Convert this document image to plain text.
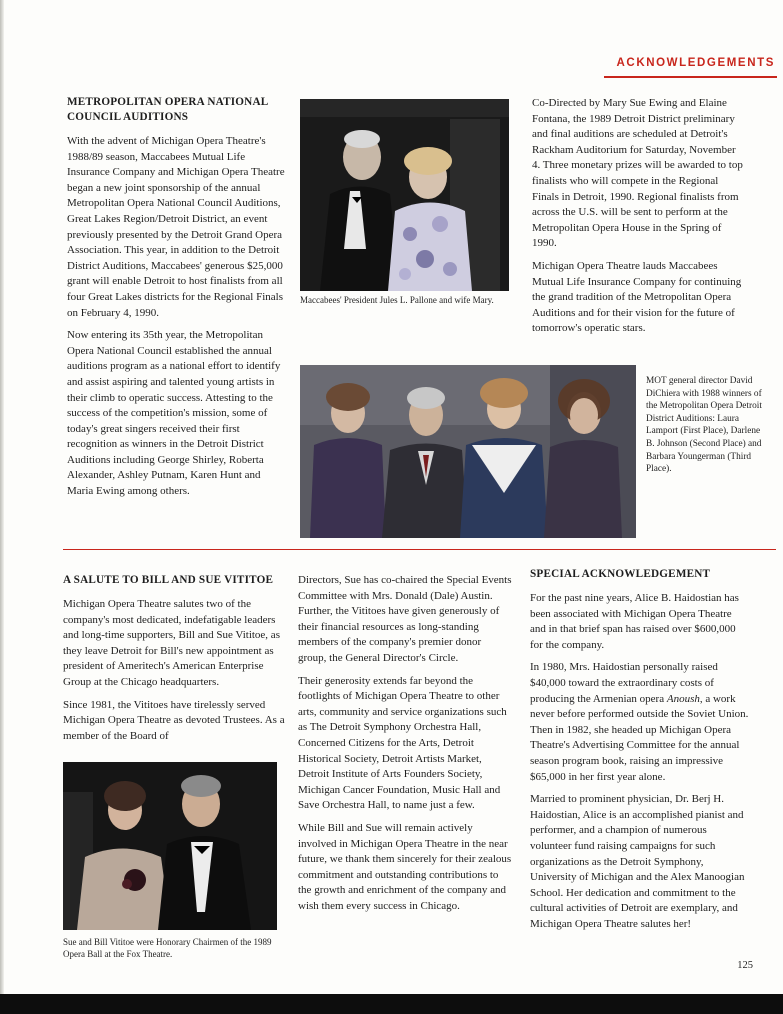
ACKNOWLEDGEMENTS
METROPOLITAN OPERA NATIONAL COUNCIL AUDITIONS

With the advent of Michigan Opera Theatre's 1988/89 season, Maccabees Mutual Life Insurance Company and Michigan Opera Theatre began a new joint sponsorship of the annual Metropolitan Opera National Council Auditions, Great Lakes Region/Detroit District, an event previously presented by the Detroit Grand Opera Association. This year, in addition to the Detroit District Auditions, Maccabees' generous $25,000 grant will enable Detroit to host finalists from all four Great Lakes districts for the Regional Finals on February 4, 1990.

Now entering its 35th year, the Metropolitan Opera National Council established the annual auditions program as a national effort to identify and assist aspiring and talented young artists in their climb to operatic success. Attesting to the success of the competition's mission, some of today's great singers received their first recognition as winners in the Detroit District Auditions including George Shirley, Roberta Alexander, Ashley Putnam, Karen Hunt and Maria Ewing among others.

Maccabees' President Jules L. Pallone and wife Mary.

Co-Directed by Mary Sue Ewing and Elaine Fontana, the 1989 Detroit District preliminary and final auditions are scheduled at Detroit's Rackham Auditorium for Saturday, November 4. Three monetary prizes will be awarded to top finalists who will compete in the Regional Finals in Detroit, 1990. Regional finalists from across the U.S. will be sent to perform at the Metropolitan Opera House in the Spring of 1990.

Michigan Opera Theatre lauds Maccabees Mutual Life Insurance Company for continuing the grand tradition of the Metropolitan Opera Auditions and for their vision for the future of tomorrow's operatic stars.

MOT general director David DiChiera with 1988 winners of the Metropolitan Opera Detroit District Auditions: Laura Lamport (First Place), Darlene B. Johnson (Second Place) and Barbara Youngerman (Third Place).
A SALUTE TO BILL AND SUE VITITOE

Michigan Opera Theatre salutes two of the company's most dedicated, indefatigable leaders and long-time supporters, Bill and Sue Vititoe, as they leave Detroit for Bill's new appointment as president of Ameritech's American Enterprise Group at the Chicago headquarters.

Since 1981, the Vititoes have tirelessly served Michigan Opera Theatre as devoted Trustees. As a member of the Board of

Sue and Bill Vititoe were Honorary Chairmen of the 1989 Opera Ball at the Fox Theatre.

Directors, Sue has co-chaired the Special Events Committee with Mrs. Donald (Dale) Austin. Further, the Vititoes have given generously of their financial resources as long-standing members of the company's premier donor group, the General Director's Circle.

Their generosity extends far beyond the footlights of Michigan Opera Theatre to other arts, community and service organizations such as The Detroit Symphony Orchestra Hall, Concerned Citizens for the Arts, Detroit Historical Society, Detroit Artists Market, Detroit Institute of Arts Founders Society, Michigan Cancer Foundation, Music Hall and Save Orchestra Hall, to name just a few.

While Bill and Sue will remain actively involved in Michigan Opera Theatre in the near future, we thank them sincerely for their zealous commitment and outstanding contributions to the growth and enrichment of the company and wish them every success in Chicago.

SPECIAL ACKNOWLEDGEMENT

For the past nine years, Alice B. Haidostian has been associated with Michigan Opera Theatre and in that brief span has raised over $600,000 for the company.

In 1980, Mrs. Haidostian personally raised $40,000 toward the extraordinary costs of producing the Armenian opera Anoush, a work never before performed outside the Soviet Union. Then in 1982, she headed up Michigan Opera Theatre's Advertising Committee for the annual season program book, raising an impressive $65,000 in her first year alone.

Married to prominent physician, Dr. Berj H. Haidostian, Alice is an accomplished pianist and performer, and a champion of numerous volunteer fund raising campaigns for such organizations as the Detroit Symphony, University of Michigan and the Alex Manoogian School. Her dedication and commitment to the cultural activities of Detroit are exemplary, and Michigan Opera Theatre salutes her!

125
